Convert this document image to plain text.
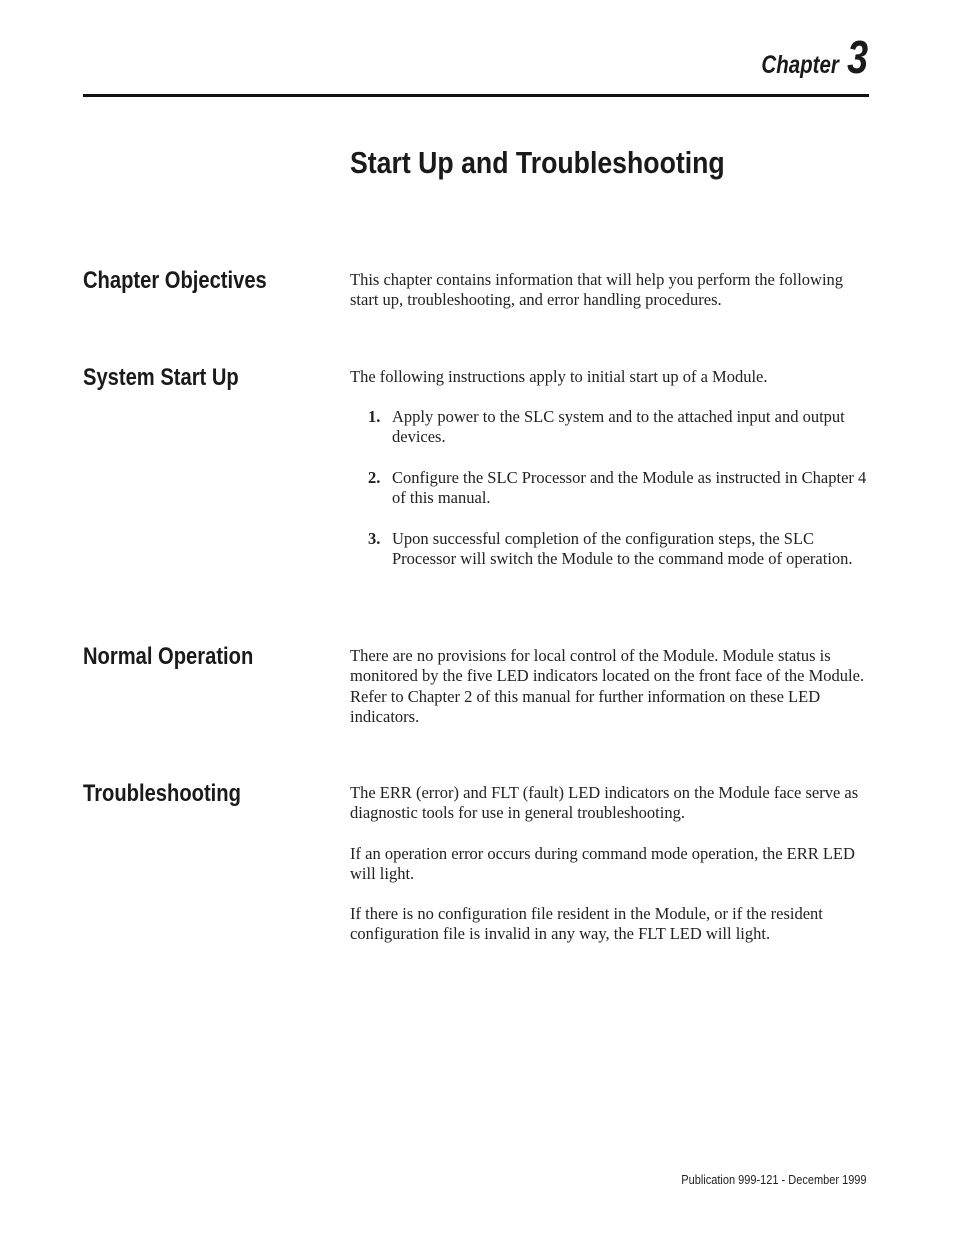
Chapter 3
Start Up and Troubleshooting
Chapter Objectives	This chapter contains information that will help you perform the following start up, troubleshooting, and error handling procedures.

System Start Up	The following instructions apply to initial start up of a Module.

1. Apply power to the SLC system and to the attached input and output devices.
2. Configure the SLC Processor and the Module as instructed in Chapter 4 of this manual.
3. Upon successful completion of the configuration steps, the SLC Processor will switch the Module to the command mode of operation.
Normal Operation	There are no provisions for local control of the Module. Module status is monitored by the five LED indicators located on the front face of the Module. Refer to Chapter 2 of this manual for further information on these LED indicators.

Troubleshooting	The ERR (error) and FLT (fault) LED indicators on the Module face serve as diagnostic tools for use in general troubleshooting.

If an operation error occurs during command mode operation, the ERR LED will light.

If there is no configuration file resident in the Module, or if the resident configuration file is invalid in any way, the FLT LED will light.

Publication 999-121 - December 1999
